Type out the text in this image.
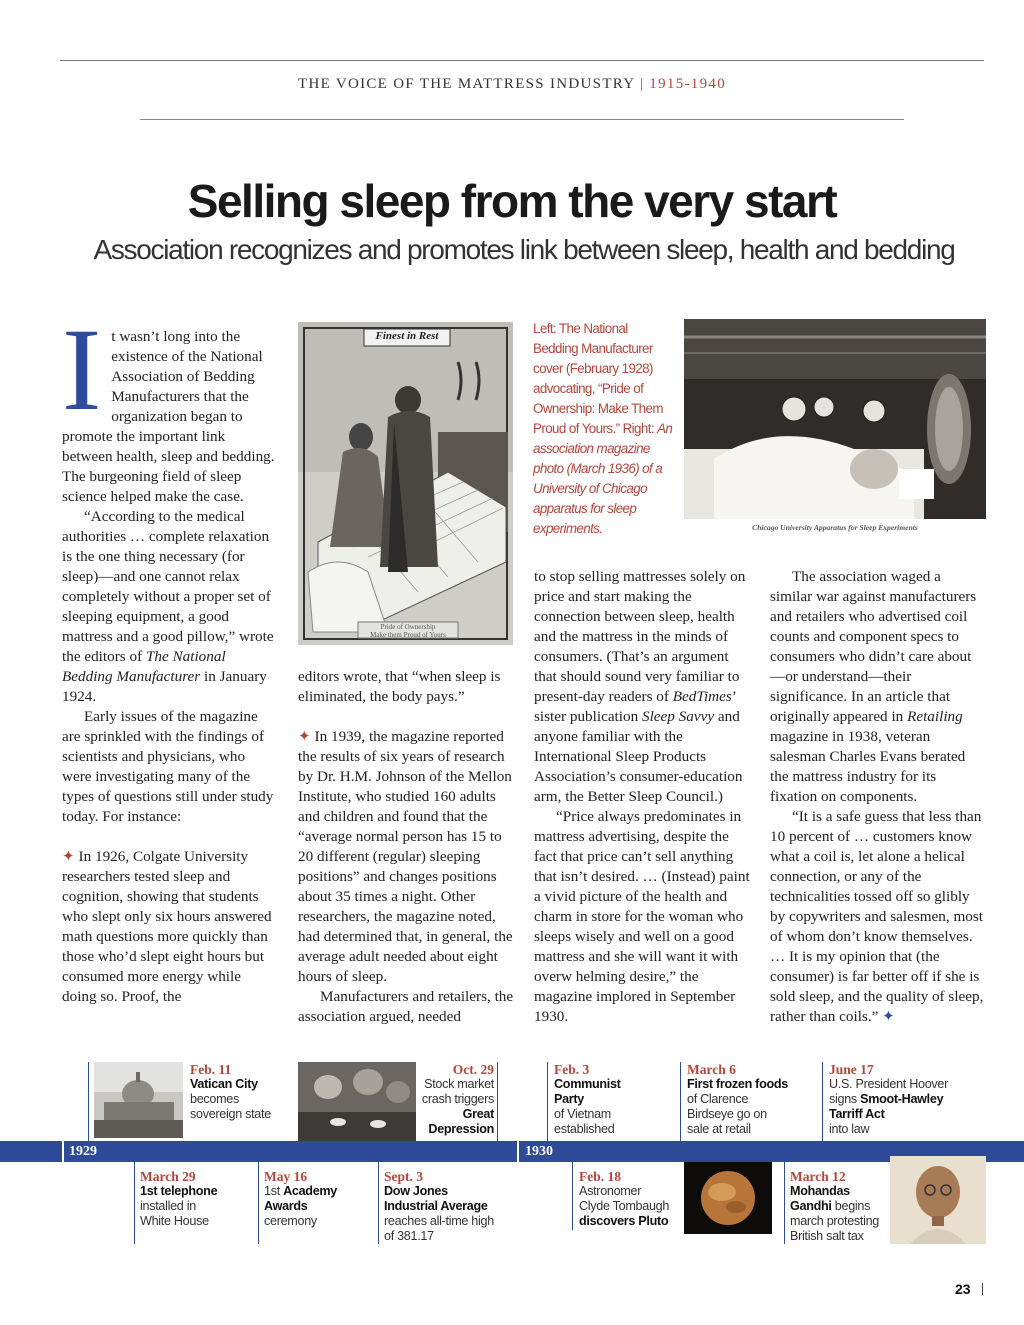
THE VOICE OF THE MATTRESS INDUSTRY | 1915-1940
Selling sleep from the very start
Association recognizes and promotes link between sleep, health and bedding

It wasn’t long into the existence of the National Association of Bedding Manufacturers that the organization began to promote the important link between health, sleep and bedding. The burgeoning field of sleep science helped make the case.

“According to the medical authorities … complete relaxation is the one thing necessary (for sleep)—and one cannot relax completely without a proper set of sleeping equipment, a good mattress and a good pillow,” wrote the editors of The National Bedding Manufacturer in January 1924.

Early issues of the magazine are sprinkled with the findings of scientists and physicians, who were investigating many of the types of questions still under study today. For instance:

✦ In 1926, Colgate University researchers tested sleep and cognition, showing that students who slept only six hours answered math questions more quickly than those who’d slept eight hours but consumed more energy while doing so. Proof, the

Finest in Rest
Pride of Ownership
Make them Proud of Yours

editors wrote, that “when sleep is eliminated, the body pays.”

✦ In 1939, the magazine reported the results of six years of research by Dr. H.M. Johnson of the Mellon Institute, who studied 160 adults and children and found that the “average normal person has 15 to 20 different (regular) sleeping positions” and changes positions about 35 times a night. Other researchers, the magazine noted, had determined that, in general, the average adult needed about eight hours of sleep.

Manufacturers and retailers, the association argued, needed

Left: The National Bedding Manufacturer cover (February 1928) advocating, “Pride of Ownership: Make Them Proud of Yours.” Right: An association magazine photo (March 1936) of a University of Chicago apparatus for sleep experiments.	Chicago University Apparatus for Sleep Experiments

to stop selling mattresses solely on price and start making the connection between sleep, health and the mattress in the minds of consumers. (That’s an argument that should sound very familiar to present-day readers of BedTimes’ sister publication Sleep Savvy and anyone familiar with the International Sleep Products Association’s consumer-education arm, the Better Sleep Council.)

“Price always predominates in mattress advertising, despite the fact that price can’t sell anything that isn’t desired. … (Instead) paint a vivid picture of the health and charm in store for the woman who sleeps wisely and well on a good mattress and she will want it with overw helming desire,” the magazine implored in September 1930.

The association waged a similar war against manufacturers and retailers who advertised coil counts and component specs to consumers who didn’t care about—or understand—their significance. In an article that originally appeared in Retailing magazine in 1938, veteran salesman Charles Evans berated the mattress industry for its fixation on components.

“It is a safe guess that less than 10 percent of … customers know what a coil is, let alone a helical connection, or any of the technicalities tossed off so glibly by copywriters and salesmen, most of whom don’t know themselves. … It is my opinion that (the consumer) is far better off if she is sold sleep, and the quality of sleep, rather than coils.” ✦

Feb. 11
Vatican City
becomes sovereign state
Oct. 29
Stock market crash triggers
Great Depression
Feb. 3
Communist Party
of Vietnam established
March 6
First frozen foods
of Clarence Birdseye go on sale at retail
June 17
U.S. President Hoover signs Smoot-Hawley Tarriff Act
into law
1929	1930
March 29
1st telephone
installed in White House
May 16
1st Academy Awards
ceremony
Sept. 3
Dow Jones Industrial Average
reaches all-time high of 381.17
Feb. 18
Astronomer Clyde Tombaugh
discovers Pluto
March 12
Mohandas Gandhi begins march protesting British salt tax
23
